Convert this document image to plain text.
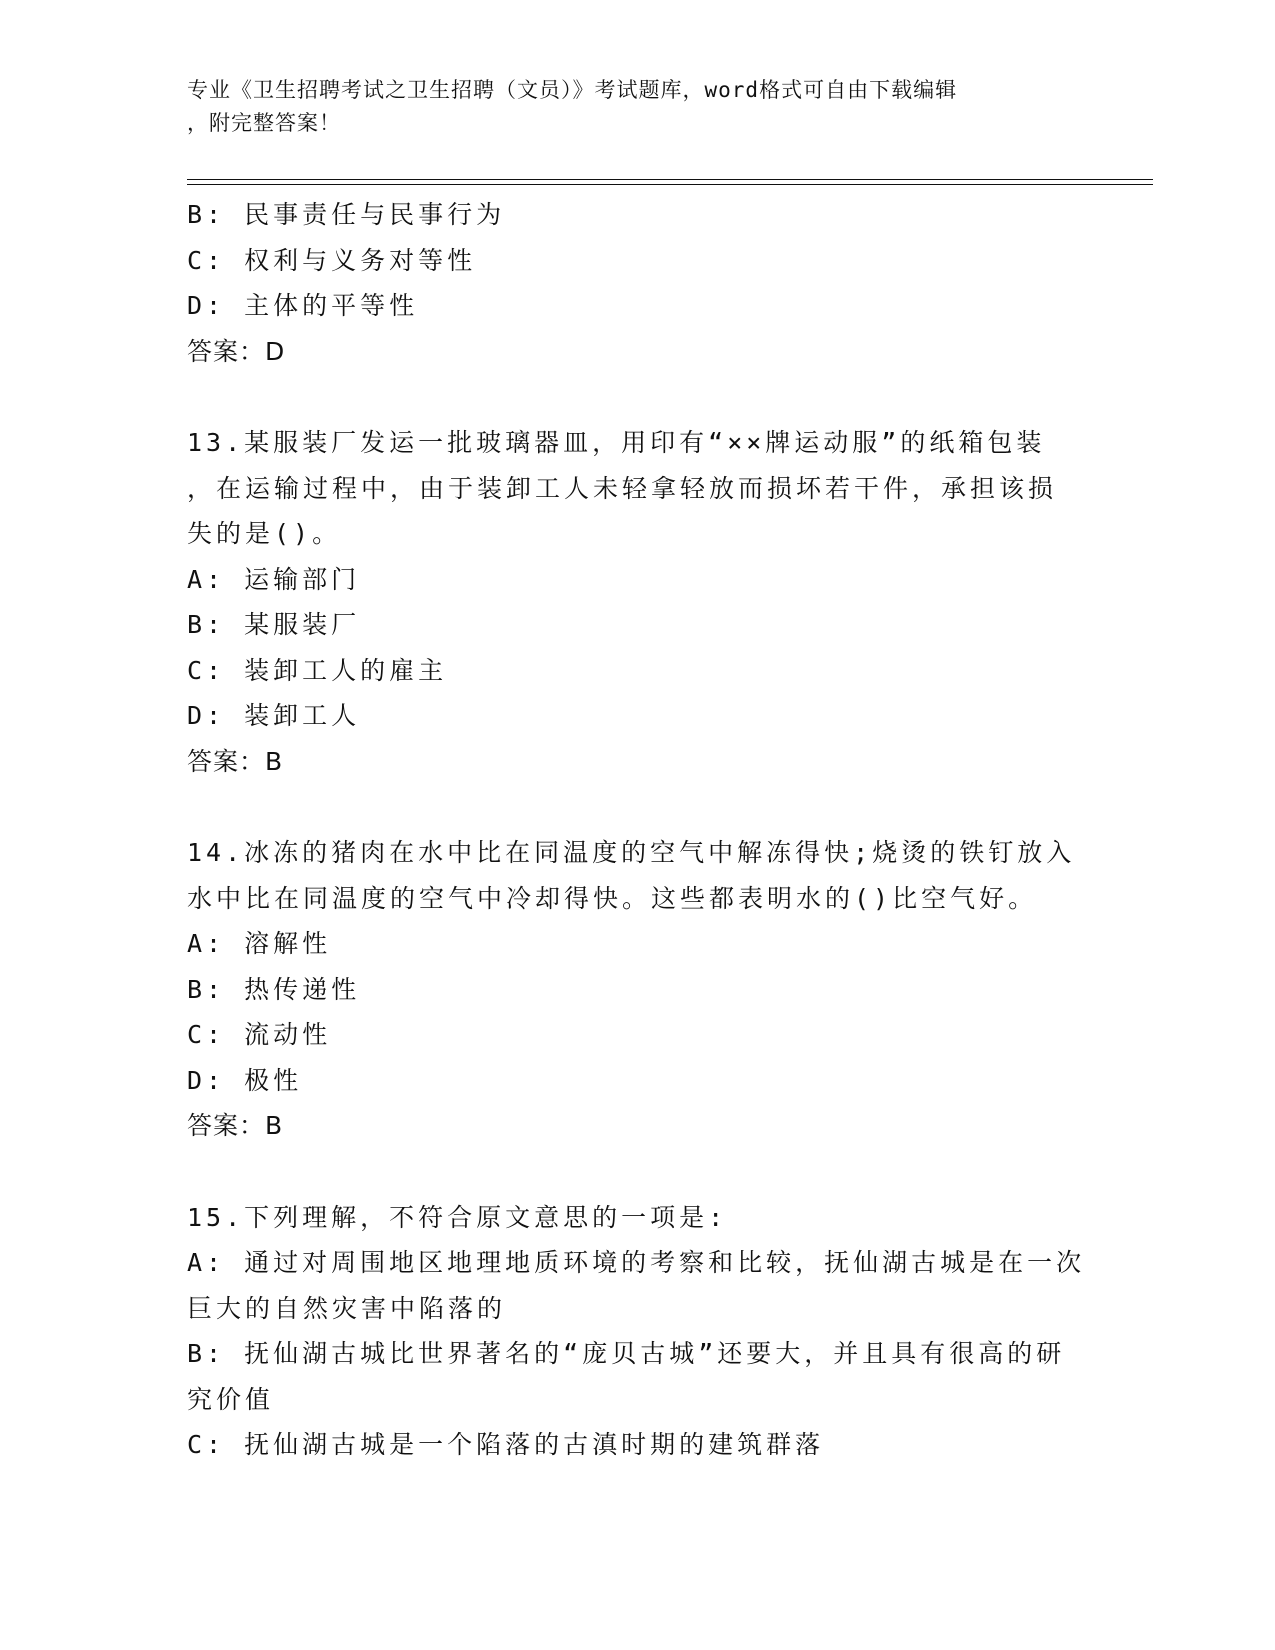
专业《卫生招聘考试之卫生招聘（文员）》考试题库，word格式可自由下载编辑
，附完整答案！
B: 民事责任与民事行为
C: 权利与义务对等性
D: 主体的平等性
答案：D
13.某服装厂发运一批玻璃器皿，用印有“××牌运动服”的纸箱包装
，在运输过程中，由于装卸工人未轻拿轻放而损坏若干件，承担该损
失的是()。
A: 运输部门
B: 某服装厂
C: 装卸工人的雇主
D: 装卸工人
答案：B
14.冰冻的猪肉在水中比在同温度的空气中解冻得快;烧烫的铁钉放入
水中比在同温度的空气中冷却得快。这些都表明水的()比空气好。
A: 溶解性
B: 热传递性
C: 流动性
D: 极性
答案：B
15.下列理解，不符合原文意思的一项是:
A: 通过对周围地区地理地质环境的考察和比较，抚仙湖古城是在一次
巨大的自然灾害中陷落的
B: 抚仙湖古城比世界著名的“庞贝古城”还要大，并且具有很高的研
究价值
C: 抚仙湖古城是一个陷落的古滇时期的建筑群落
